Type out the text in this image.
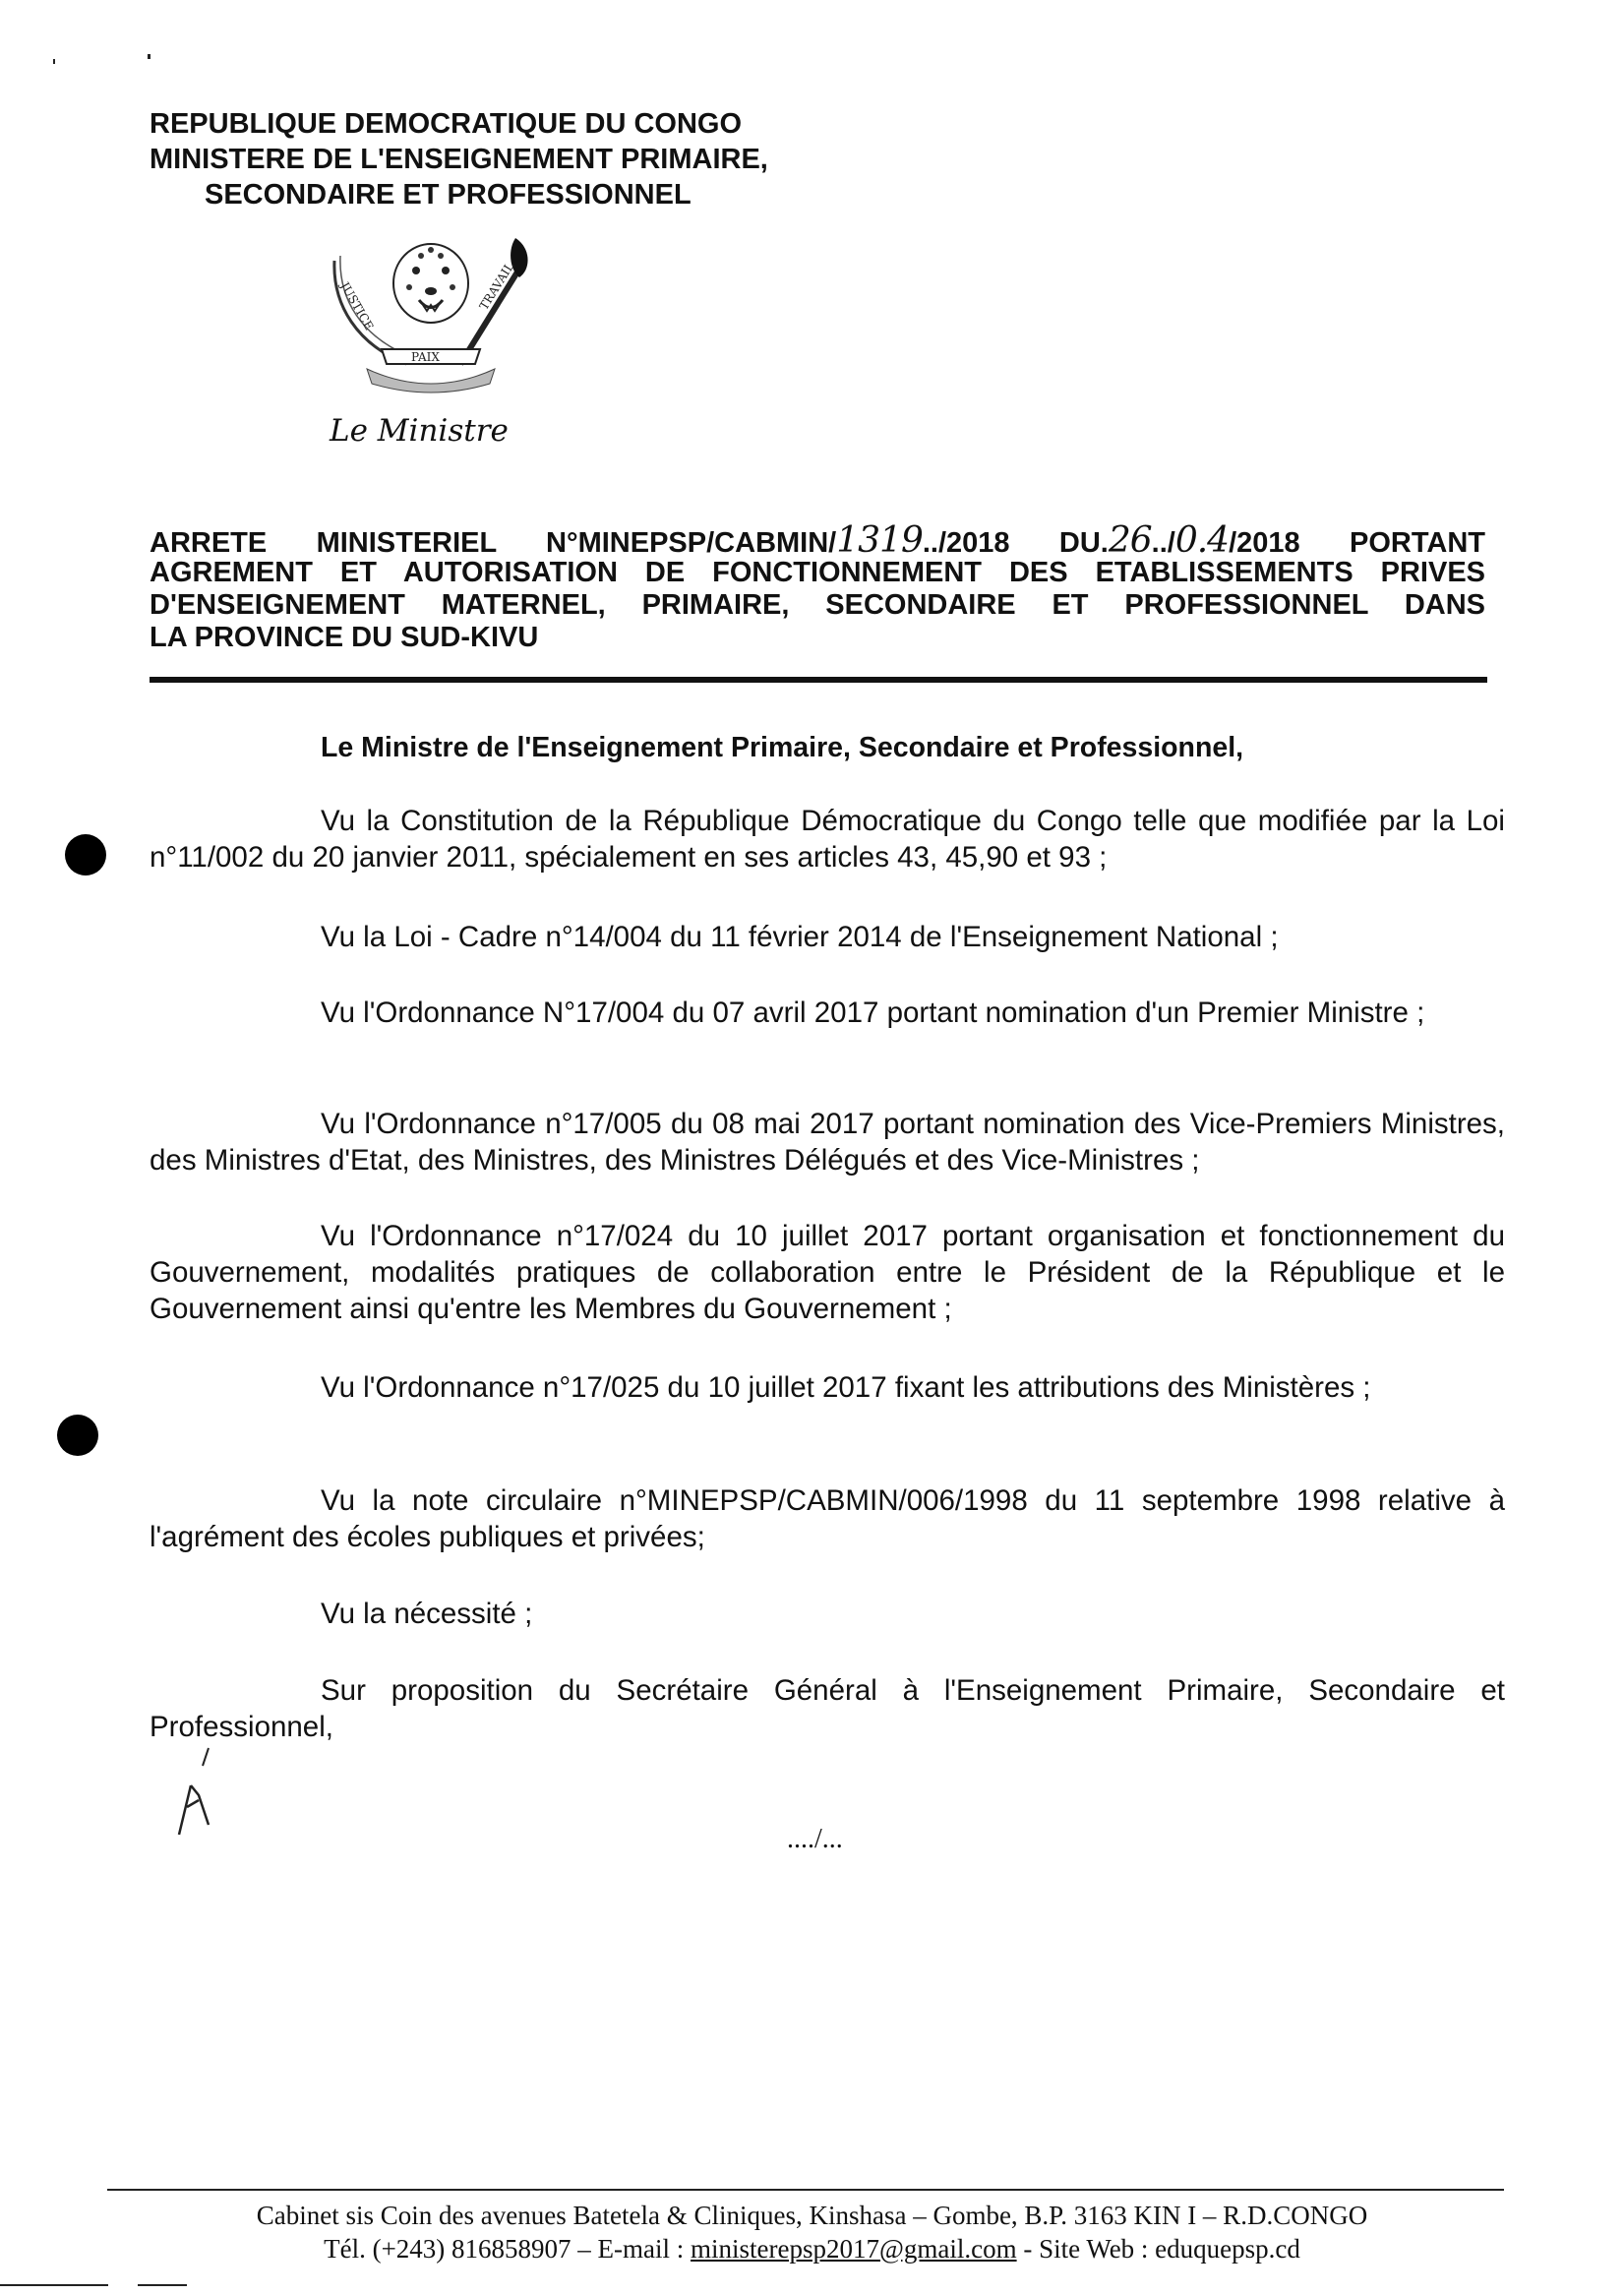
REPUBLIQUE DEMOCRATIQUE DU CONGO
MINISTERE DE L'ENSEIGNEMENT PRIMAIRE,
SECONDAIRE ET PROFESSIONNEL
JUSTICE	TRAVAIL
PAIX
Le Ministre
ARRETE MINISTERIEL N°MINEPSP/CABMIN/1319../2018 DU.26../0.4/2018 PORTANT
AGREMENT ET AUTORISATION DE FONCTIONNEMENT DES ETABLISSEMENTS PRIVES
D'ENSEIGNEMENT MATERNEL, PRIMAIRE, SECONDAIRE ET PROFESSIONNEL DANS
LA PROVINCE DU SUD-KIVU
Le Ministre de l'Enseignement Primaire, Secondaire et Professionnel,
Vu la Constitution de la République Démocratique du Congo telle que modifiée par la Loi n°11/002 du 20 janvier 2011, spécialement en ses articles 43, 45,90 et 93 ;
Vu la Loi - Cadre n°14/004 du 11 février 2014 de l'Enseignement National ;
Vu l'Ordonnance N°17/004 du 07 avril 2017 portant nomination d'un Premier Ministre ;
Vu l'Ordonnance n°17/005 du 08 mai 2017 portant nomination des Vice-Premiers Ministres, des Ministres d'Etat, des Ministres, des Ministres Délégués et des Vice-Ministres ;
Vu l'Ordonnance n°17/024 du 10 juillet 2017 portant organisation et fonctionnement du Gouvernement, modalités pratiques de collaboration entre le Président de la République et le Gouvernement ainsi qu'entre les Membres du Gouvernement ;
Vu l'Ordonnance n°17/025 du 10 juillet 2017 fixant les attributions des Ministères ;
Vu la note circulaire n°MINEPSP/CABMIN/006/1998 du 11 septembre 1998 relative à l'agrément des écoles publiques et privées;
Vu la nécessité ;
Sur proposition du Secrétaire Général à l'Enseignement Primaire, Secondaire et Professionnel,
..../...
Cabinet sis Coin des avenues Batetela & Cliniques, Kinshasa – Gombe, B.P. 3163 KIN I – R.D.CONGO
Tél. (+243) 816858907 – E-mail : ministerepsp2017@gmail.com - Site Web : eduquepsp.cd
